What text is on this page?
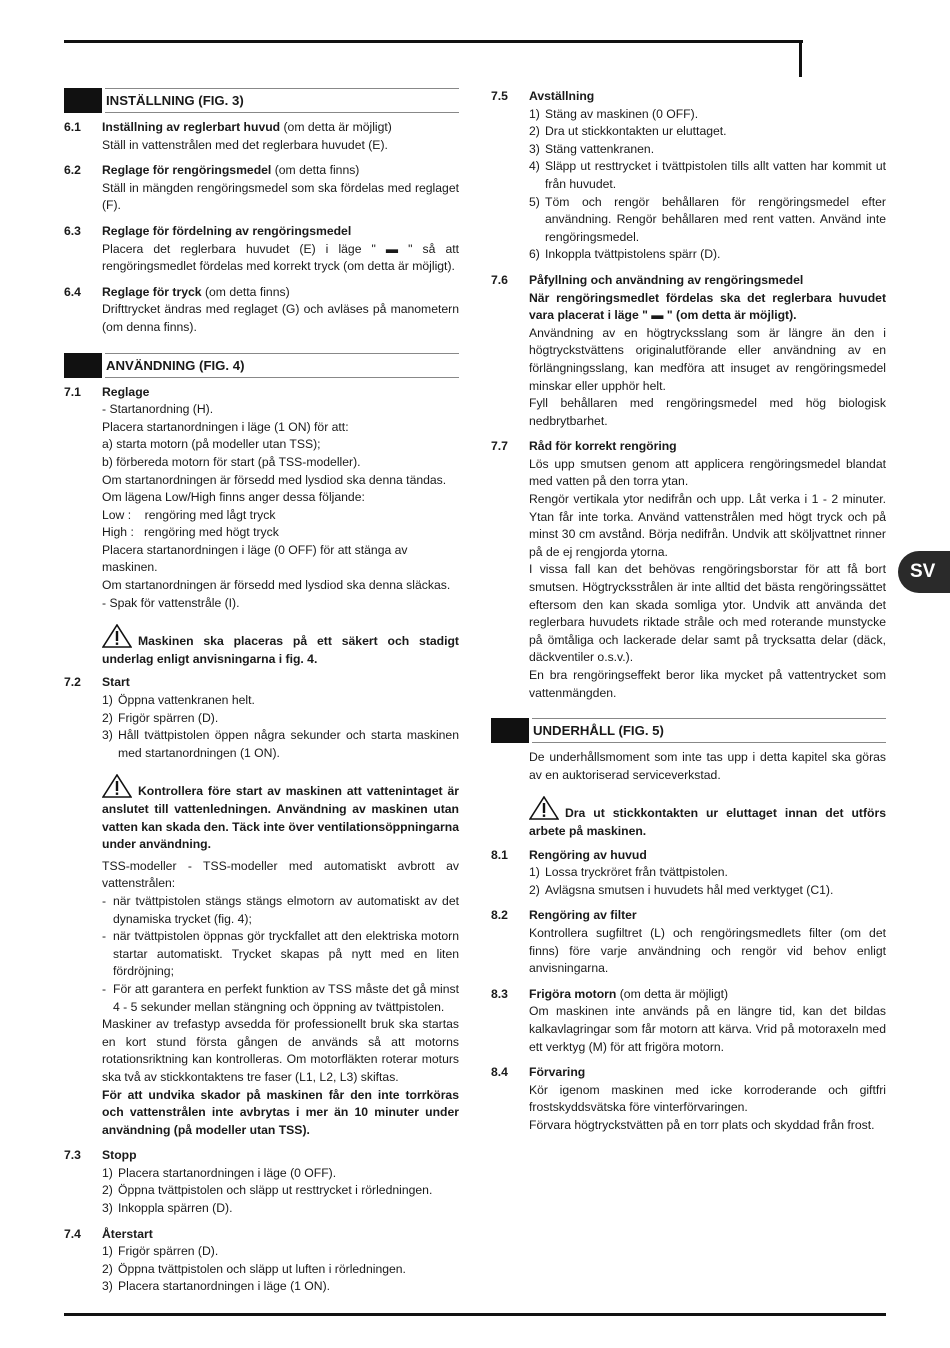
SV
INSTÄLLNING (FIG. 3)
6.1	Inställning av reglerbart huvud (om detta är möjligt)

Ställ in vattenstrålen med det reglerbara huvudet (E).

6.2	Reglage för rengöringsmedel (om detta finns)

Ställ in mängden rengöringsmedel som ska fördelas med reglaget (F).

6.3	Reglage för fördelning av rengöringsmedel

Placera det reglerbara huvudet (E) i läge " ▬ " så att rengöringsmedlet fördelas med korrekt tryck (om detta är möjligt).

6.4	Reglage för tryck (om detta finns)

Drifttrycket ändras med reglaget (G) och avläses på manometern (om denna finns).

ANVÄNDNING (FIG. 4)
7.1	Reglage
- Startanordning (H).
Placera startanordningen i läge (1 ON) för att:
a) starta motorn (på modeller utan TSS);
b) förbereda motorn för start (på TSS-modeller).
Om startanordningen är försedd med lysdiod ska denna tändas.
Om lägena Low/High finns anger dessa följande:
Low :    rengöring med lågt tryck
High :   rengöring med högt tryck
Placera startanordningen i läge (0 OFF) för att stänga av maskinen.
Om startanordningen är försedd med lysdiod ska denna släckas.
- Spak för vattenstråle (I).
Maskinen ska placeras på ett säkert och stadigt underlag enligt anvisningarna i fig. 4.
7.2	Start
1) Öppna vattenkranen helt.
2) Frigör spärren (D).
3) Håll tvättpistolen öppen några sekunder och starta maskinen med startanordningen (1 ON).
Kontrollera före start av maskinen att vattenintaget är anslutet till vattenledningen. Användning av maskinen utan vatten kan skada den. Täck inte över ventilationsöppningarna under användning.

TSS-modeller - TSS-modeller med automatiskt avbrott av vattenstrålen:

- när tvättpistolen stängs stängs elmotorn av automatiskt av det dynamiska trycket (fig. 4);
- när tvättpistolen öppnas gör tryckfallet att den elektriska motorn startar automatiskt. Trycket skapas på nytt med en liten fördröjning;
- För att garantera en perfekt funktion av TSS måste det gå minst 4 - 5 sekunder mellan stängning och öppning av tvättpistolen.

Maskiner av trefastyp avsedda för professionellt bruk ska startas en kort stund första gången de används så att motorns rotationsriktning kan kontrolleras. Om motorfläkten roterar moturs ska två av stickkontaktens tre faser (L1, L2, L3) skiftas.

För att undvika skador på maskinen får den inte torrköras och vattenstrålen inte avbrytas i mer än 10 minuter under användning (på modeller utan TSS).

7.3	Stopp
1) Placera startanordningen i läge (0 OFF).
2) Öppna tvättpistolen och släpp ut resttrycket i rörledningen.
3) Inkoppla spärren (D).
7.4	Återstart
1) Frigör spärren (D).
2) Öppna tvättpistolen och släpp ut luften i rörledningen.
3) Placera startanordningen i läge (1 ON).
7.5	Avställning
1) Stäng av maskinen (0 OFF).
2) Dra ut stickkontakten ur eluttaget.
3) Stäng vattenkranen.
4) Släpp ut resttrycket i tvättpistolen tills allt vatten har kommit ut från huvudet.
5) Töm och rengör behållaren för rengöringsmedel efter användning. Rengör behållaren med rent vatten. Använd inte rengöringsmedel.
6) Inkoppla tvättpistolens spärr (D).
7.6	Påfyllning och användning av rengöringsmedel

När rengöringsmedlet fördelas ska det reglerbara huvudet vara placerat i läge " ▬ " (om detta är möjligt).

Användning av en högtrycksslang som är längre än den i högtryckstvättens originalutförande eller användning av en förlängningsslang, kan medföra att insuget av rengöringsmedel minskar eller upphör helt.

Fyll behållaren med rengöringsmedel med hög biologisk nedbrytbarhet.

7.7	Råd för korrekt rengöring

Lös upp smutsen genom att applicera rengöringsmedel blandat med vatten på den torra ytan.

Rengör vertikala ytor nedifrån och upp. Låt verka i 1 - 2 minuter. Ytan får inte torka. Använd vattenstrålen med högt tryck och på minst 30 cm avstånd. Börja nedifrån. Undvik att sköljvattnet rinner på de ej rengjorda ytorna.

I vissa fall kan det behövas rengöringsborstar för att få bort smutsen. Högtrycksstrålen är inte alltid det bästa rengöringssättet eftersom den kan skada somliga ytor. Undvik att använda det reglerbara huvudets riktade stråle och med roterande munstycke på ömtåliga och lackerade delar samt på trycksatta delar (däck, däckventiler o.s.v.).

En bra rengöringseffekt beror lika mycket på vattentrycket som vattenmängden.

UNDERHÅLL (FIG. 5)

De underhållsmoment som inte tas upp i detta kapitel ska göras av en auktoriserad serviceverkstad.

Dra ut stickkontakten ur eluttaget innan det utförs arbete på maskinen.
8.1	Rengöring av huvud
1) Lossa tryckröret från tvättpistolen.
2) Avlägsna smutsen i huvudets hål med verktyget (C1).
8.2	Rengöring av filter

Kontrollera sugfiltret (L) och rengöringsmedlets filter (om det finns) före varje användning och rengör vid behov enligt anvisningarna.

8.3	Frigöra motorn (om detta är möjligt)

Om maskinen inte används på en längre tid, kan det bildas kalkavlagringar som får motorn att kärva. Vrid på motoraxeln med ett verktyg (M) för att frigöra motorn.

8.4	Förvaring

Kör igenom maskinen med icke korroderande och giftfri frostskyddsvätska före vinterförvaringen.

Förvara högtryckstvätten på en torr plats och skyddad från frost.
